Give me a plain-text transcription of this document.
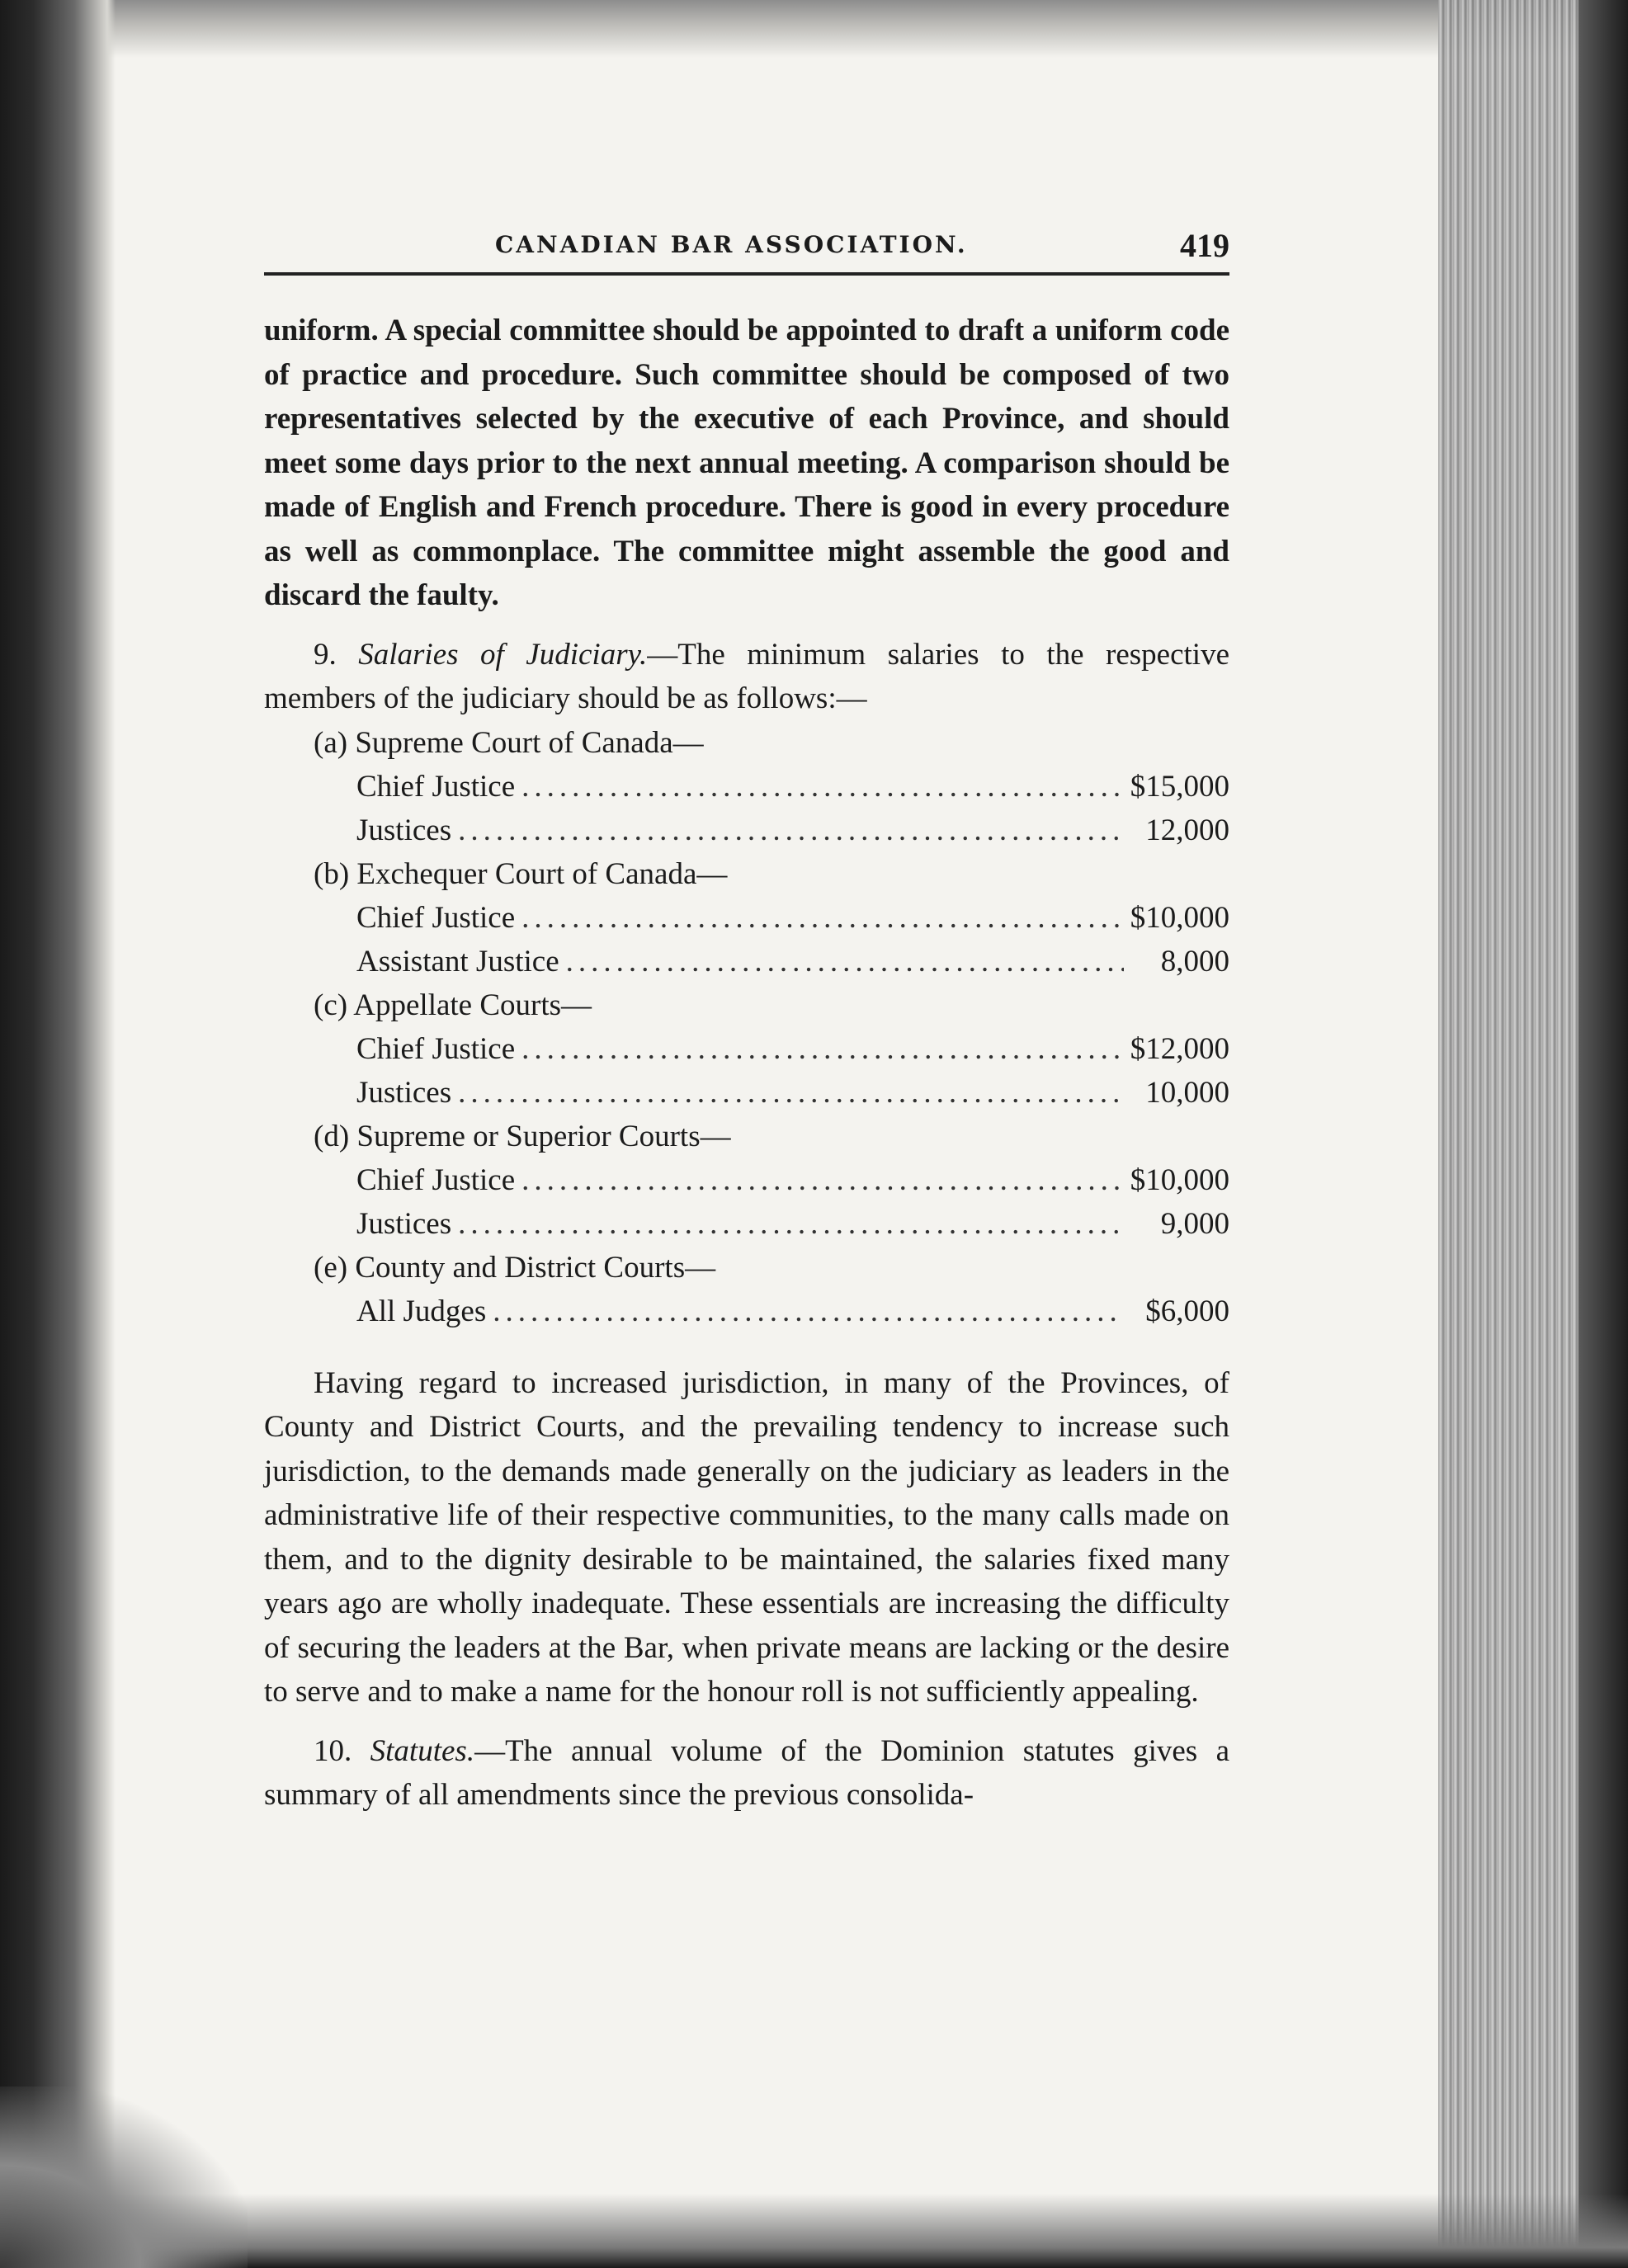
CANADIAN BAR ASSOCIATION.	419

uniform. A special committee should be appointed to draft a uniform code of practice and procedure. Such committee should be composed of two representatives selected by the executive of each Province, and should meet some days prior to the next annual meeting. A comparison should be made of English and French procedure. There is good in every procedure as well as commonplace. The committee might assemble the good and discard the faulty.

9. Salaries of Judiciary.—The minimum salaries to the respective members of the judiciary should be as follows:—

(a) Supreme Court of Canada—
Chief Justice .....	$15,000
Justices .....	12,000
(b) Exchequer Court of Canada—
Chief Justice .....	$10,000
Assistant Justice .....	8,000
(c) Appellate Courts—
Chief Justice .....	$12,000
Justices .....	10,000
(d) Supreme or Superior Courts—
Chief Justice .....	$10,000
Justices .....	9,000
(e) County and District Courts—
All Judges .....	$6,000

Having regard to increased jurisdiction, in many of the Provinces, of County and District Courts, and the prevailing tendency to increase such jurisdiction, to the demands made generally on the judiciary as leaders in the administrative life of their respective communities, to the many calls made on them, and to the dignity desirable to be maintained, the salaries fixed many years ago are wholly inadequate. These essentials are increasing the difficulty of securing the leaders at the Bar, when private means are lacking or the desire to serve and to make a name for the honour roll is not sufficiently appealing.

10. Statutes.—The annual volume of the Dominion statutes gives a summary of all amendments since the previous consolida-
